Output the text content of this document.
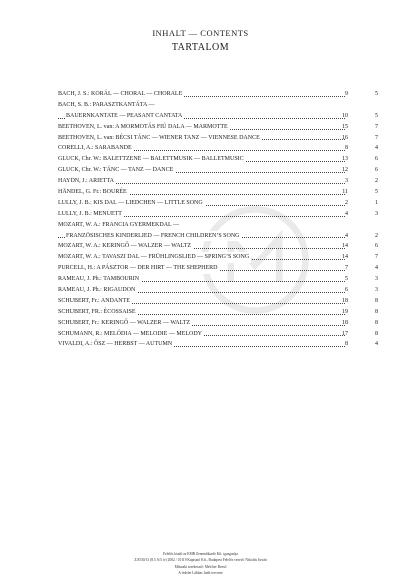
INHALT — CONTENTS
TARTALOM
BACH, J. S.: KORÁL — CHORAL — CHORALE	9	5
BACH, S. B.: PARASZTKANTÁTA —
BAUERNKANTATE — PEASANT CANTATA	10	5
BEETHOVEN, L. van: A MORMOTÁS FIÚ DALA — MARMOTTE	15	7
BEETHOVEN, L. van: BÉCSI TÁNC — WIENER TANZ — VIENNESE DANCE	16	7
CORELLI, A.: SARABANDE	8	4
GLUCK, Chr. W.: BALETTZENE — BALETTMUSIK — BALLETMUSIC	13	6
GLUCK, Chr. W.: TÁNC — TANZ — DANCE	12	6
HAYDN, J.: ARIETTA	3	2
HÄNDEL, G. Fr.: BOURÉE	11	5
LULLY, J. B.: KIS DAL — LIEDCHEN — LITTLE SONG	2	1
LULLY, J. B.: MENUETT	4	3
MOZART, W. A.: FRANCIA GYERMEKDAL —
FRANZÖSISCHES KINDERLIED — FRENCH CHILDREN’S SONG	4	2
MOZART, W. A.: KERINGŐ — WALZER — WALTZ	14	6
MOZART, W. A.: TAVASZI DAL — FRÜHLINGSLIED — SPRING’S SONG	14	7
PURCELL, H.: A PÁSZTOR — DER HIRT — THE SHEPHERD	7	4
RAMEAU, J. Ph.: TAMBOURIN	5	3
RAMEAU, J. Ph.: RIGAUDON	6	3
SCHUBERT, Fr.: ANDANTE	18	8
SCHUBERT, FR.: ÉCOSSAISE	19	8
SCHUBERT, Fr.: KERINGŐ — WALZER — WALTZ	18	8
SCHUMANN, R.: MELÓDIA — MELODIE — MELODY	17	8
VIVALDI, A.: ŐSZ — HERBST — AUTUMN	8	4
Felelős kiadó az EMB Zeneműkiadó Kft. igazgatója
Z.8530/13 (8,5 A/5 ív) 2002 / 10119 Kapisató Kft., Budapest Felelős vezető: Nikolits István
Műszaki szerkesztő: Melcher Rezső
A fedelet Lábbas Judit tervezte
